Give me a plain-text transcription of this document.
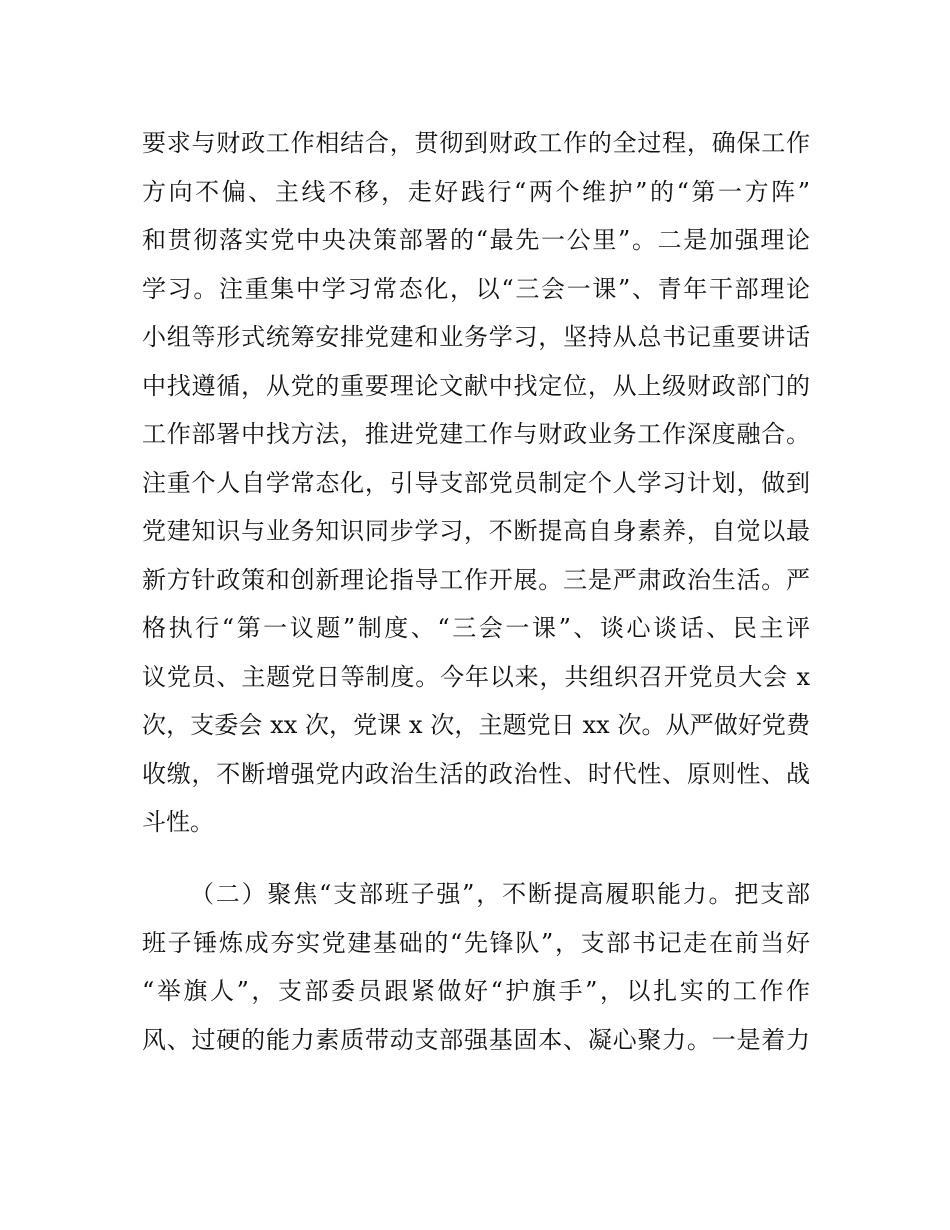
要求与财政工作相结合，贯彻到财政工作的全过程，确保工作
方向不偏、主线不移，走好践行“两个维护”的“第一方阵”
和贯彻落实党中央决策部署的“最先一公里”。二是加强理论
学习。注重集中学习常态化，以“三会一课”、青年干部理论
小组等形式统筹安排党建和业务学习，坚持从总书记重要讲话
中找遵循，从党的重要理论文献中找定位，从上级财政部门的
工作部署中找方法，推进党建工作与财政业务工作深度融合。
注重个人自学常态化，引导支部党员制定个人学习计划，做到
党建知识与业务知识同步学习，不断提高自身素养，自觉以最
新方针政策和创新理论指导工作开展。三是严肃政治生活。严
格执行“第一议题”制度、“三会一课”、谈心谈话、民主评
议党员、主题党日等制度。今年以来，共组织召开党员大会 x
次，支委会 xx 次，党课 x 次，主题党日 xx 次。从严做好党费
收缴，不断增强党内政治生活的政治性、时代性、原则性、战
斗性。
（二）聚焦“支部班子强”，不断提高履职能力。把支部
班子锤炼成夯实党建基础的“先锋队”，支部书记走在前当好
“举旗人”，支部委员跟紧做好“护旗手”，以扎实的工作作
风、过硬的能力素质带动支部强基固本、凝心聚力。一是着力
